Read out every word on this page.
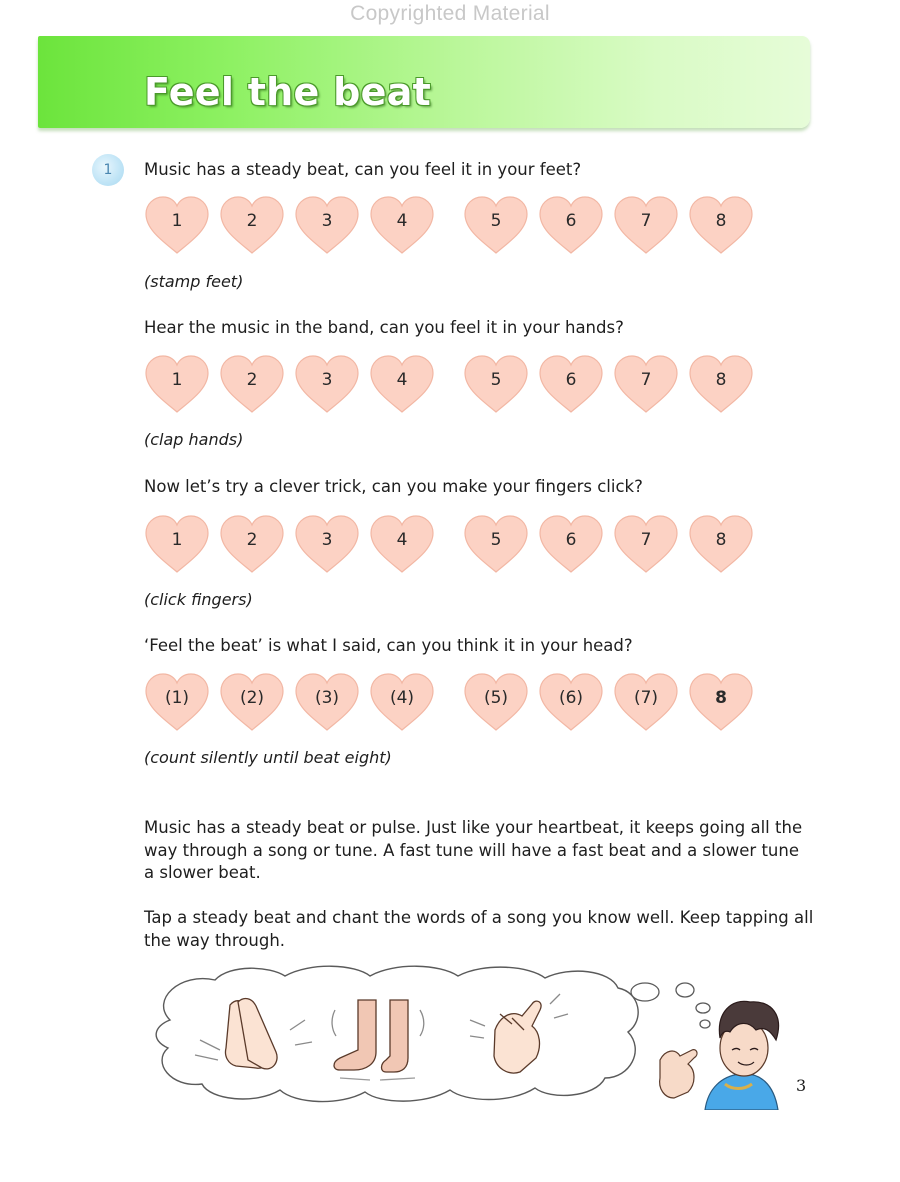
Copyrighted Material
Feel the beat
1	Music has a steady beat, can you feel it in your feet?
1	2	3	4	5	6	7	8
(stamp feet)
Hear the music in the band, can you feel it in your hands?
1	2	3	4	5	6	7	8
(clap hands)
Now let’s try a clever trick, can you make your fingers click?
1	2	3	4	5	6	7	8
(click fingers)
‘Feel the beat’ is what I said, can you think it in your head?
(1)	(2)	(3)	(4)	(5)	(6)	(7)	8
(count silently until beat eight)
Music has a steady beat or pulse. Just like your heartbeat, it keeps going all the way through a song or tune. A fast tune will have a fast beat and a slower tune a slower beat.
Tap a steady beat and chant the words of a song you know well. Keep tapping all the way through.
3
